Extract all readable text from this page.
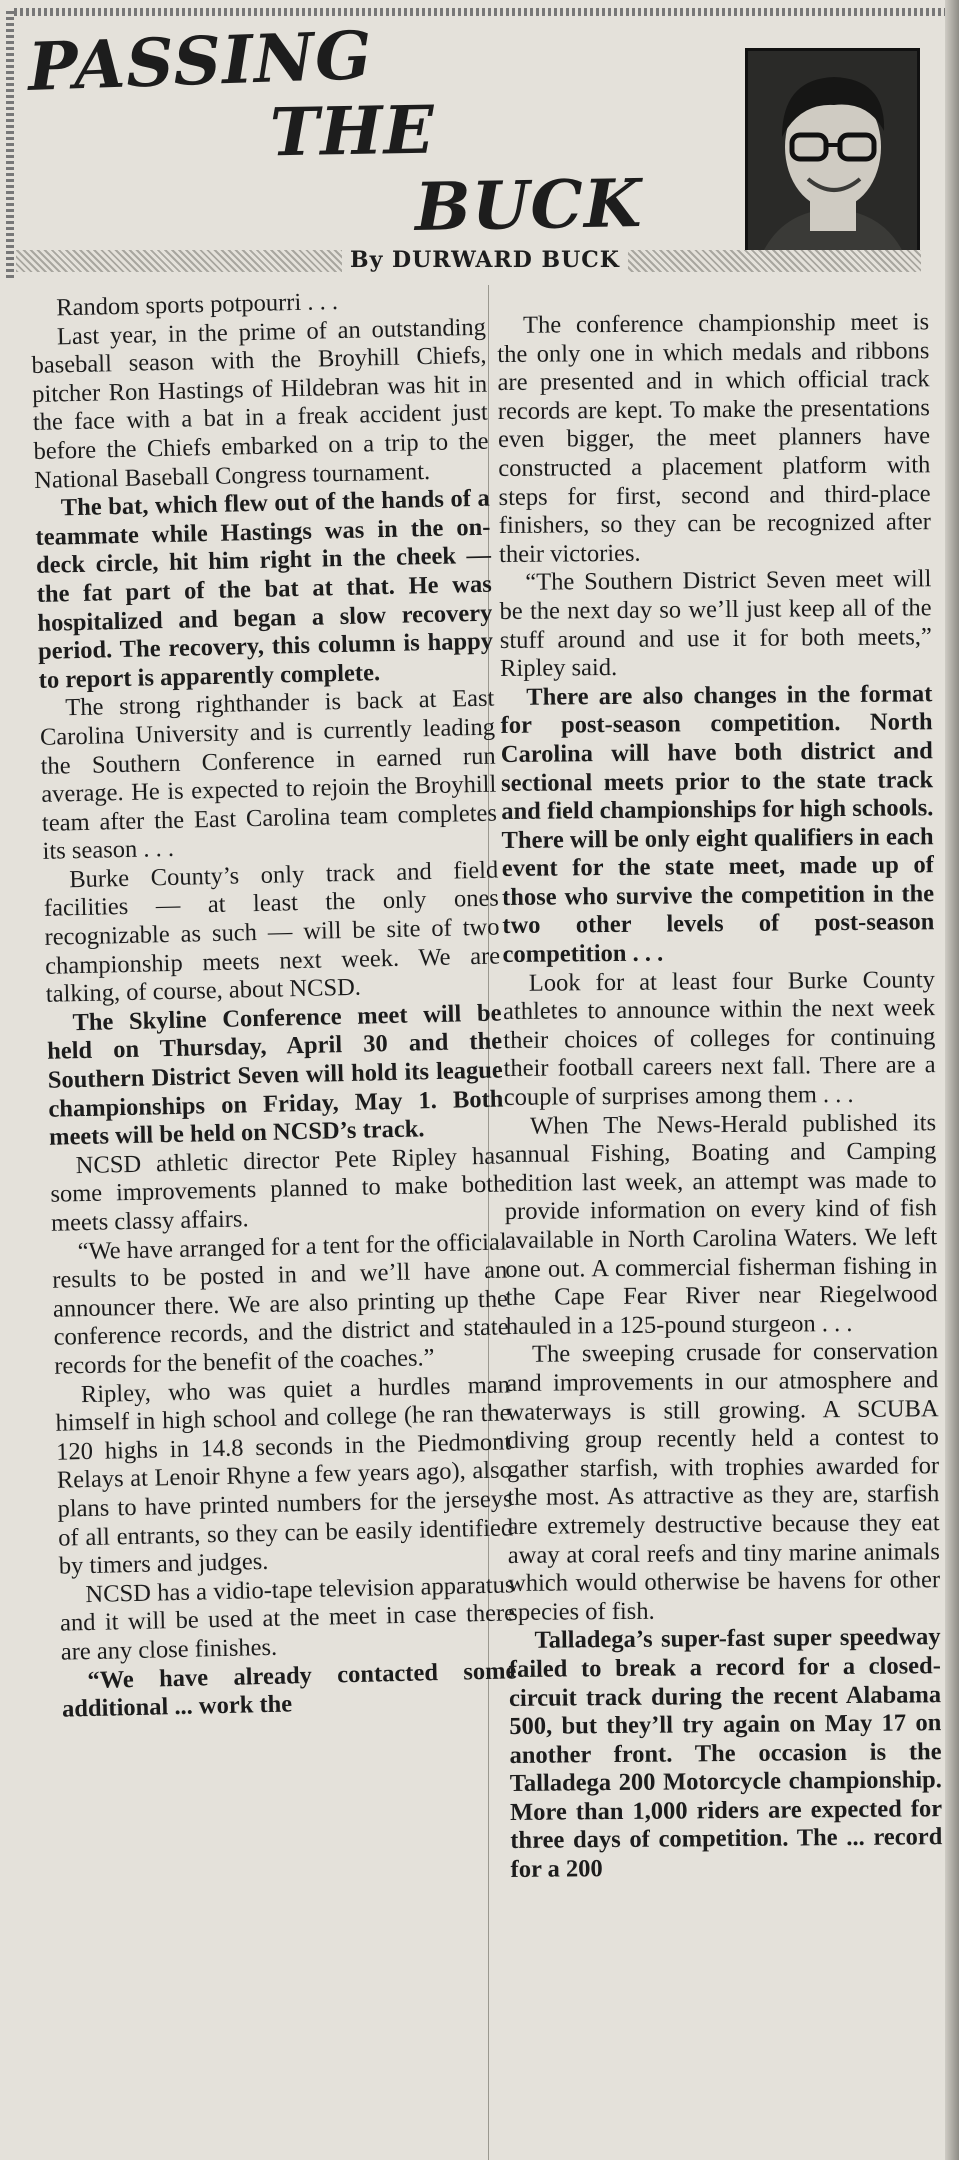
PASSING
THE
BUCK
By DURWARD BUCK

Random sports potpourri . . .

Last year, in the prime of an outstanding baseball season with the Broyhill Chiefs, pitcher Ron Hastings of Hildebran was hit in the face with a bat in a freak accident just before the Chiefs embarked on a trip to the National Baseball Congress tournament.

The bat, which flew out of the hands of a teammate while Hastings was in the on-deck circle, hit him right in the cheek — the fat part of the bat at that. He was hospitalized and began a slow recovery period. The recovery, this column is happy to report is apparently complete.

The strong righthander is back at East Carolina University and is currently leading the Southern Conference in earned run average. He is expected to rejoin the Broyhill team after the East Carolina team completes its season . . .

Burke County’s only track and field facilities — at least the only ones recognizable as such — will be site of two championship meets next week. We are talking, of course, about NCSD.

The Skyline Conference meet will be held on Thursday, April 30 and the Southern District Seven will hold its league championships on Friday, May 1. Both meets will be held on NCSD’s track.

NCSD athletic director Pete Ripley has some improvements planned to make both meets classy affairs.

“We have arranged for a tent for the official results to be posted in and we’ll have an announcer there. We are also printing up the conference records, and the district and state records for the benefit of the coaches.”

Ripley, who was quiet a hurdles man himself in high school and college (he ran the 120 highs in 14.8 seconds in the Piedmont Relays at Lenoir Rhyne a few years ago), also plans to have printed numbers for the jerseys of all entrants, so they can be easily identified by timers and judges.

NCSD has a vidio-tape television apparatus and it will be used at the meet in case there are any close finishes.

“We have already contacted some additional ... work the

The conference championship meet is the only one in which medals and ribbons are presented and in which official track records are kept. To make the presentations even bigger, the meet planners have constructed a placement platform with steps for first, second and third-place finishers, so they can be recognized after their victories.

“The Southern District Seven meet will be the next day so we’ll just keep all of the stuff around and use it for both meets,” Ripley said.

There are also changes in the format for post-season competition. North Carolina will have both district and sectional meets prior to the state track and field championships for high schools. There will be only eight qualifiers in each event for the state meet, made up of those who survive the competition in the two other levels of post-season competition . . .

Look for at least four Burke County athletes to announce within the next week their choices of colleges for continuing their football careers next fall. There are a couple of surprises among them . . .

When The News-Herald published its annual Fishing, Boating and Camping edition last week, an attempt was made to provide information on every kind of fish available in North Carolina Waters. We left one out. A commercial fisherman fishing in the Cape Fear River near Riegelwood hauled in a 125-pound sturgeon . . .

The sweeping crusade for conservation and improvements in our atmosphere and waterways is still growing. A SCUBA diving group recently held a contest to gather starfish, with trophies awarded for the most. As attractive as they are, starfish are extremely destructive because they eat away at coral reefs and tiny marine animals which would otherwise be havens for other species of fish.

Talladega’s super-fast super speedway failed to break a record for a closed-circuit track during the recent Alabama 500, but they’ll try again on May 17 on another front. The occasion is the Talladega 200 Motorcycle championship. More than 1,000 riders are expected for three days of competition. The ... record for a 200
